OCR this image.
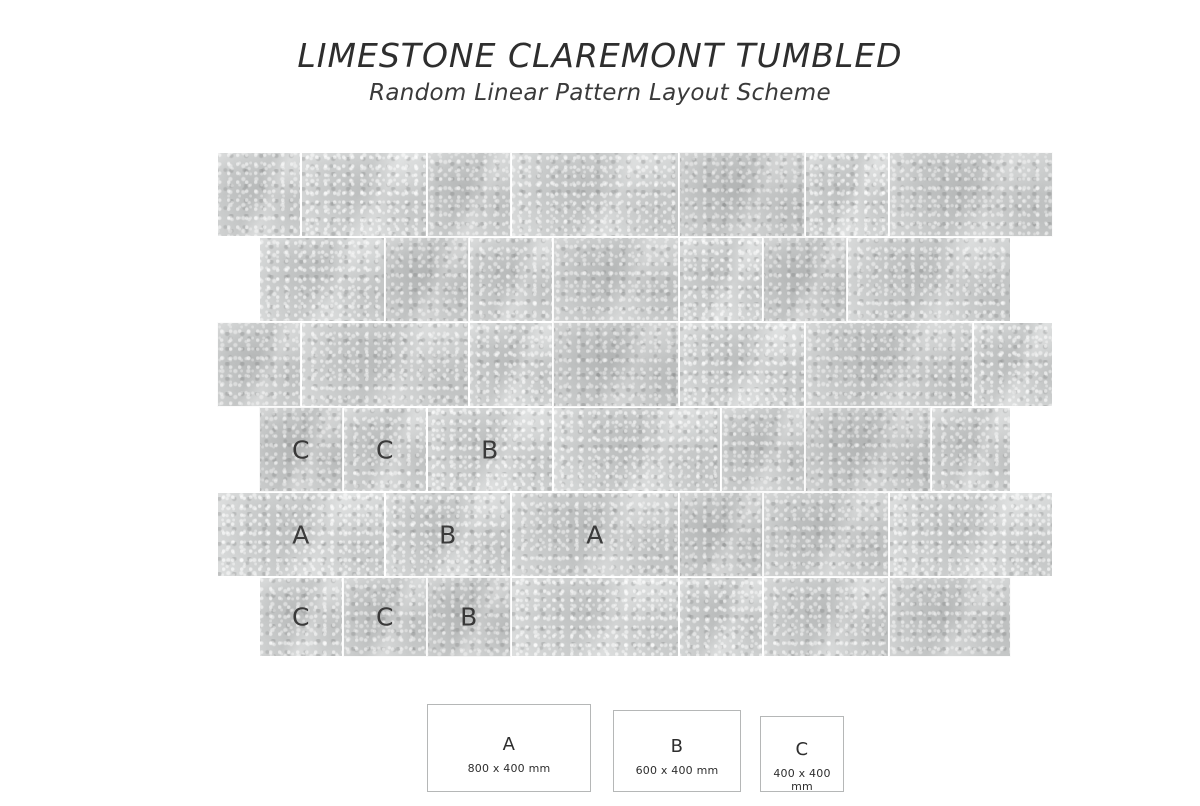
LIMESTONE CLAREMONT TUMBLED
Random Linear Pattern Layout Scheme
C	C	B
A	B	A
C	C	B
A
800 x 400 mm
B
600 x 400 mm
C
400 x 400 mm
